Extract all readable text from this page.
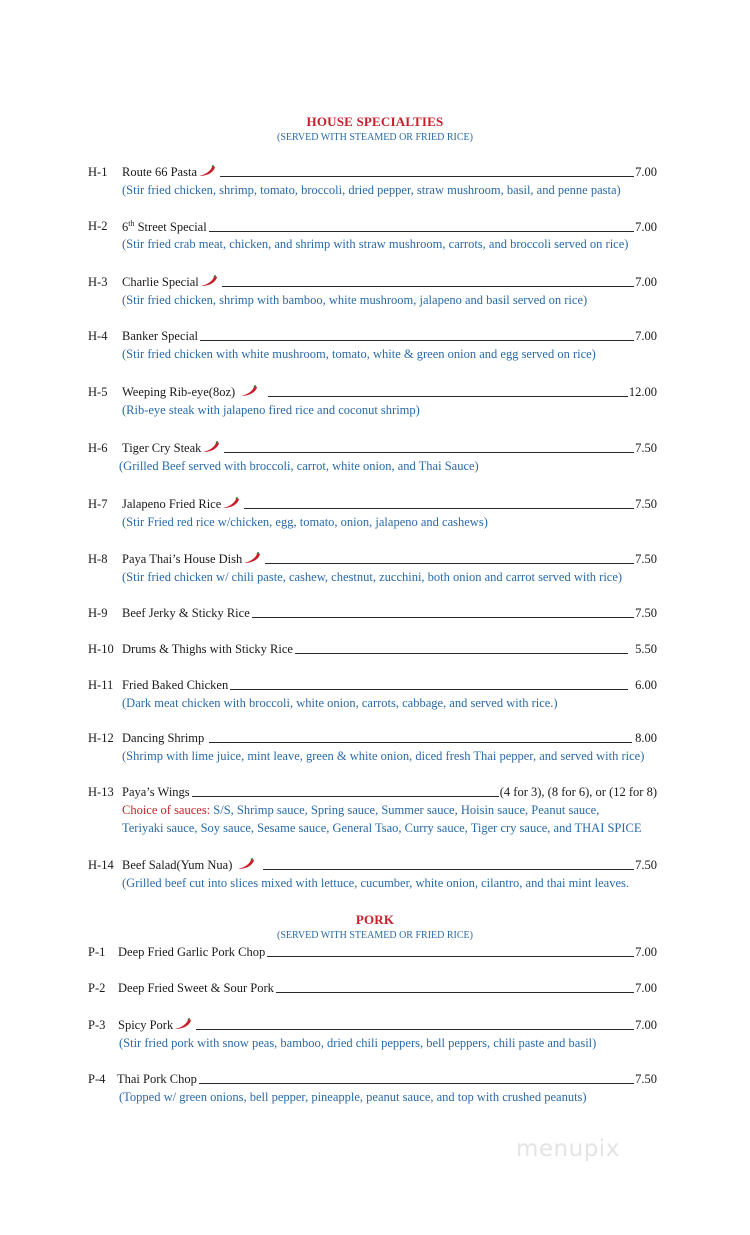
HOUSE SPECIALTIES
(SERVED WITH STEAMED OR FRIED RICE)
H-1 Route 66 Pasta	7.00
(Stir fried chicken, shrimp, tomato, broccoli, dried pepper, straw mushroom, basil, and penne pasta)
H-2 6th Street Special	7.00
(Stir fried crab meat, chicken, and shrimp with straw mushroom, carrots, and broccoli served on rice)
H-3 Charlie Special	7.00
(Stir fried chicken, shrimp with bamboo, white mushroom, jalapeno and basil served on rice)
H-4 Banker Special	7.00
(Stir fried chicken with white mushroom, tomato, white & green onion and egg served on rice)
H-5 Weeping Rib-eye(8oz)	12.00
(Rib-eye steak with jalapeno fired rice and coconut shrimp)
H-6 Tiger Cry Steak	7.50
(Grilled Beef served with broccoli, carrot, white onion, and Thai Sauce)
H-7 Jalapeno Fried Rice	7.50
(Stir Fried red rice w/chicken, egg, tomato, onion, jalapeno and cashews)
H-8 Paya Thai’s House Dish	7.50
(Stir fried chicken w/ chili paste, cashew, chestnut, zucchini, both onion and carrot served with rice)
H-9 Beef Jerky & Sticky Rice	7.50
H-10 Drums & Thighs with Sticky Rice	5.50
H-11 Fried Baked Chicken	6.00
(Dark meat chicken with broccoli, white onion, carrots, cabbage, and served with rice.)
H-12 Dancing Shrimp	8.00
(Shrimp with lime juice, mint leave, green & white onion, diced fresh Thai pepper, and served with rice)
H-13 Paya’s Wings	(4 for 3), (8 for 6), or (12 for 8)
Choice of sauces: S/S, Shrimp sauce, Spring sauce, Summer sauce, Hoisin sauce, Peanut sauce,
Teriyaki sauce, Soy sauce, Sesame sauce, General Tsao, Curry sauce, Tiger cry sauce, and THAI SPICE
H-14 Beef Salad(Yum Nua)	7.50
(Grilled beef cut into slices mixed with lettuce, cucumber, white onion, cilantro, and thai mint leaves.
PORK
(SERVED WITH STEAMED OR FRIED RICE)
P-1 Deep Fried Garlic Pork Chop	7.00
P-2 Deep Fried Sweet & Sour Pork	7.00
P-3 Spicy Pork	7.00
(Stir fried pork with snow peas, bamboo, dried chili peppers, bell peppers, chili paste and basil)
P-4 Thai Pork Chop	7.50
(Topped w/ green onions, bell pepper, pineapple, peanut sauce, and top with crushed peanuts)
menupix
